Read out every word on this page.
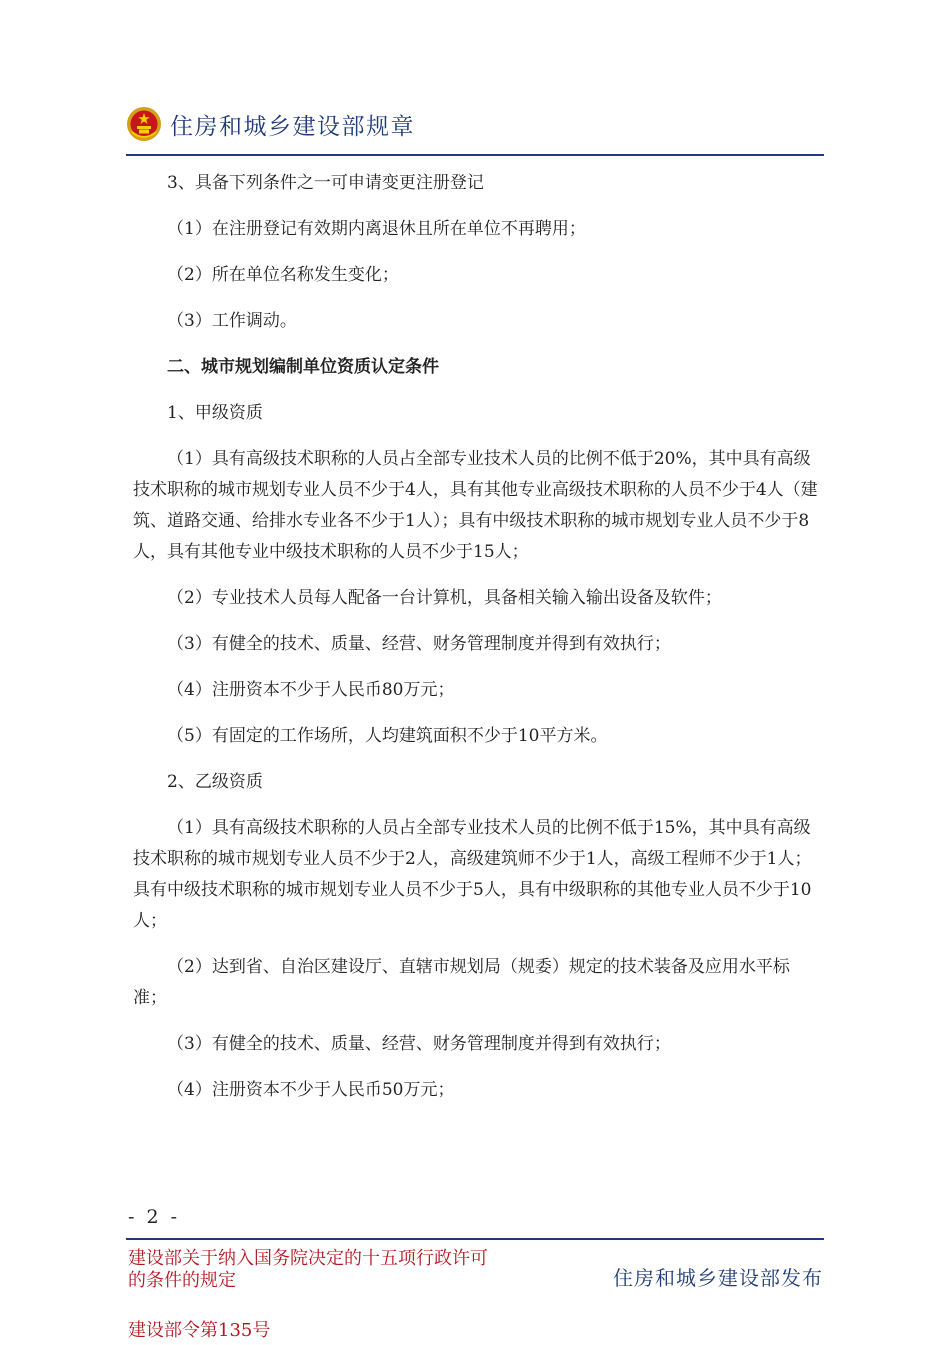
住房和城乡建设部规章

3、具备下列条件之一可申请变更注册登记

（1）在注册登记有效期内离退休且所在单位不再聘用；

（2）所在单位名称发生变化；

（3）工作调动。

二、城市规划编制单位资质认定条件

1、甲级资质

（1）具有高级技术职称的人员占全部专业技术人员的比例不低于20%，其中具有高级技术职称的城市规划专业人员不少于4人，具有其他专业高级技术职称的人员不少于4人（建筑、道路交通、给排水专业各不少于1人）；具有中级技术职称的城市规划专业人员不少于8人，具有其他专业中级技术职称的人员不少于15人；

（2）专业技术人员每人配备一台计算机，具备相关输入输出设备及软件；

（3）有健全的技术、质量、经营、财务管理制度并得到有效执行；

（4）注册资本不少于人民币80万元；

（5）有固定的工作场所，人均建筑面积不少于10平方米。

2、乙级资质

（1）具有高级技术职称的人员占全部专业技术人员的比例不低于15%，其中具有高级技术职称的城市规划专业人员不少于2人，高级建筑师不少于1人，高级工程师不少于1人；具有中级技术职称的城市规划专业人员不少于5人，具有中级职称的其他专业人员不少于10人；

（2）达到省、自治区建设厅、直辖市规划局（规委）规定的技术装备及应用水平标准；

（3）有健全的技术、质量、经营、财务管理制度并得到有效执行；

（4）注册资本不少于人民币50万元；

- 2 -
建设部关于纳入国务院决定的十五项行政许可的条件的规定	住房和城乡建设部发布
建设部令第135号
